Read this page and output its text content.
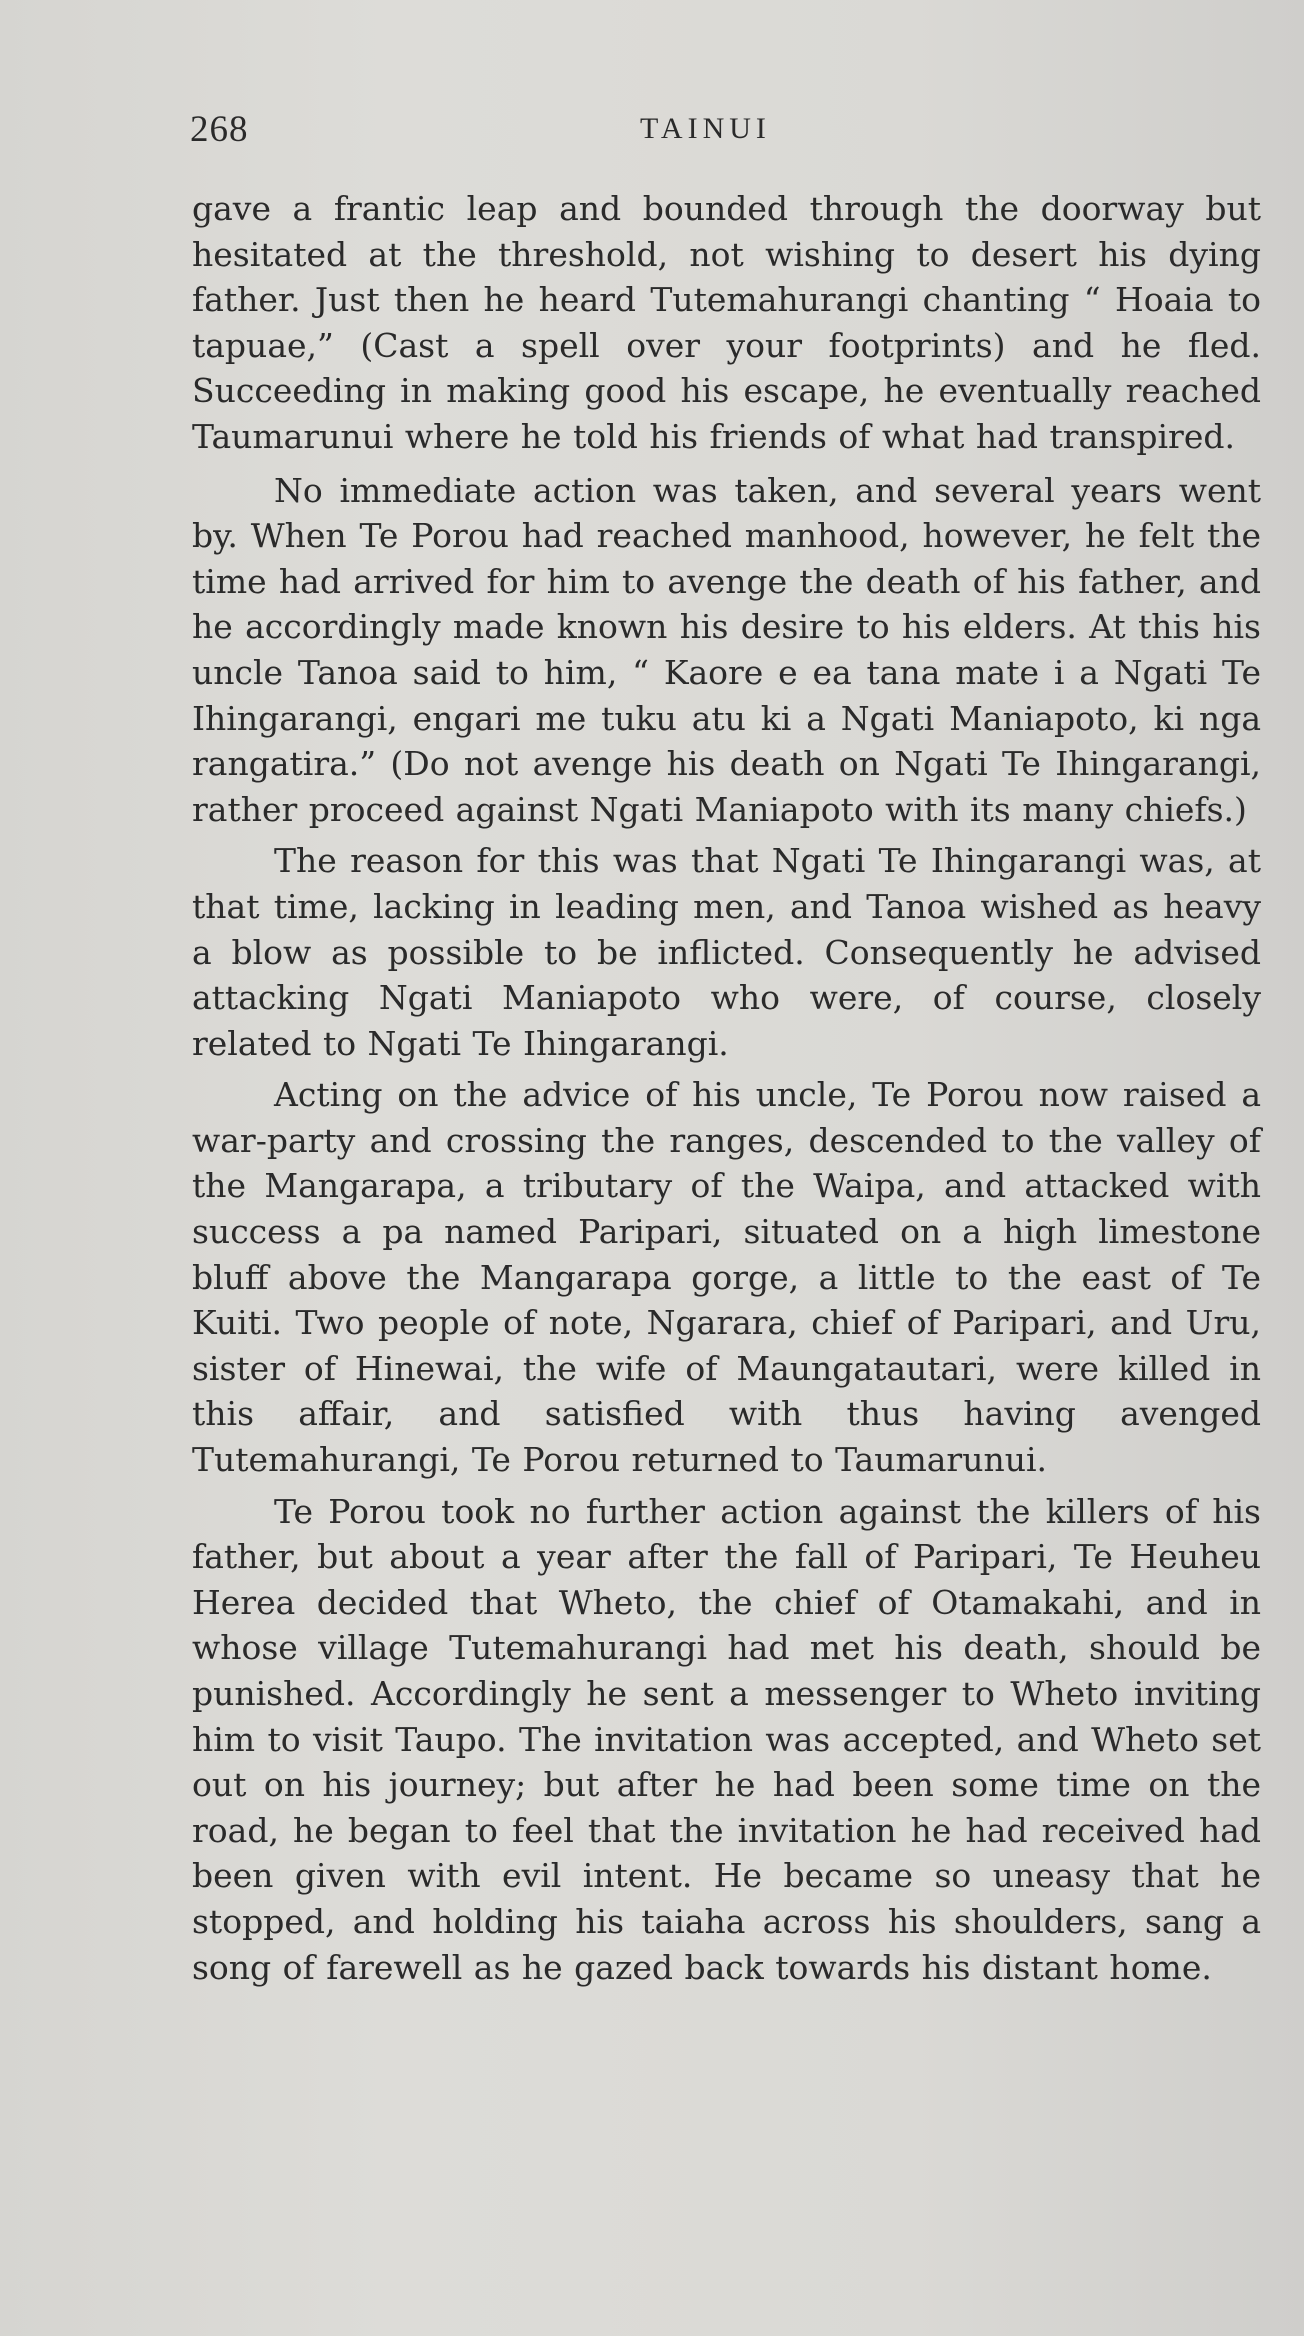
268	TAINUI

gave a frantic leap and bounded through the doorway but hesitated at the threshold, not wishing to desert his dying father. Just then he heard Tutemahurangi chanting “ Hoaia to tapuae,” (Cast a spell over your footprints) and he fled. Succeeding in making good his escape, he eventually reached Taumarunui where he told his friends of what had transpired.

No immediate action was taken, and several years went by. When Te Porou had reached manhood, however, he felt the time had arrived for him to avenge the death of his father, and he accordingly made known his desire to his elders. At this his uncle Tanoa said to him, “ Kaore e ea tana mate i a Ngati Te Ihingarangi, engari me tuku atu ki a Ngati Maniapoto, ki nga rangatira.” (Do not avenge his death on Ngati Te Ihingarangi, rather proceed against Ngati Maniapoto with its many chiefs.)

The reason for this was that Ngati Te Ihingarangi was, at that time, lacking in leading men, and Tanoa wished as heavy a blow as possible to be inflicted. Consequently he advised attacking Ngati Maniapoto who were, of course, closely related to Ngati Te Ihingarangi.

Acting on the advice of his uncle, Te Porou now raised a war-party and crossing the ranges, descended to the valley of the Mangarapa, a tributary of the Waipa, and attacked with success a pa named Paripari, situated on a high limestone bluff above the Mangarapa gorge, a little to the east of Te Kuiti. Two people of note, Ngarara, chief of Paripari, and Uru, sister of Hinewai, the wife of Maungatautari, were killed in this affair, and satisfied with thus having avenged Tutemahurangi, Te Porou returned to Taumarunui.

Te Porou took no further action against the killers of his father, but about a year after the fall of Paripari, Te Heuheu Herea decided that Wheto, the chief of Otamakahi, and in whose village Tutemahurangi had met his death, should be punished. Accordingly he sent a messenger to Wheto inviting him to visit Taupo. The invitation was accepted, and Wheto set out on his journey; but after he had been some time on the road, he began to feel that the invitation he had received had been given with evil intent. He became so uneasy that he stopped, and holding his taiaha across his shoulders, sang a song of farewell as he gazed back towards his distant home.
